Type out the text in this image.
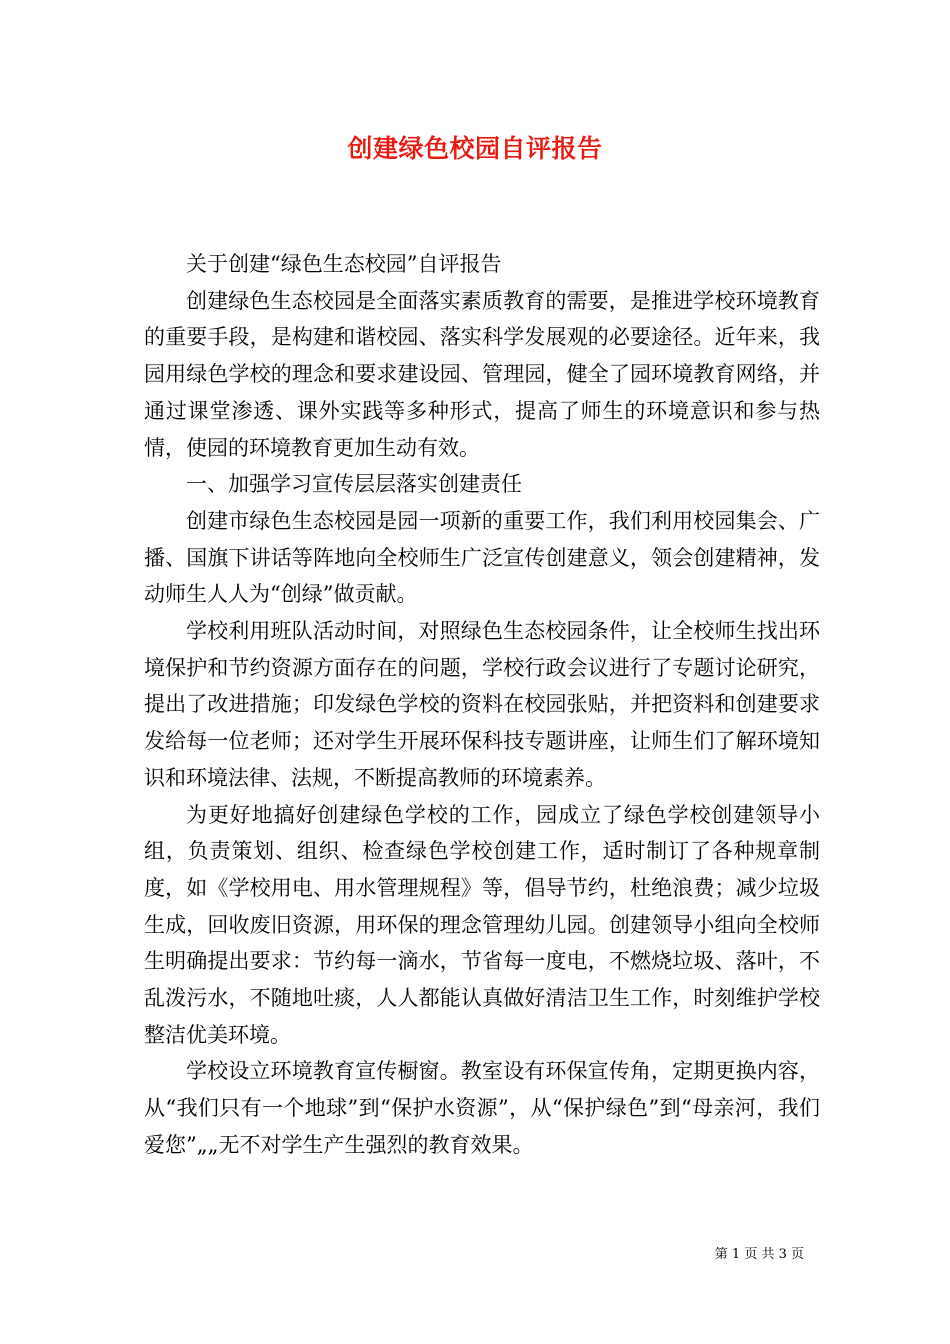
创建绿色校园自评报告

关于创建“绿色生态校园”自评报告

创建绿色生态校园是全面落实素质教育的需要，是推进学校环境教育的重要手段，是构建和谐校园、落实科学发展观的必要途径。近年来，我园用绿色学校的理念和要求建设园、管理园，健全了园环境教育网络，并通过课堂渗透、课外实践等多种形式，提高了师生的环境意识和参与热情，使园的环境教育更加生动有效。

一、加强学习宣传层层落实创建责任

创建市绿色生态校园是园一项新的重要工作，我们利用校园集会、广播、国旗下讲话等阵地向全校师生广泛宣传创建意义，领会创建精神，发动师生人人为“创绿”做贡献。

学校利用班队活动时间，对照绿色生态校园条件，让全校师生找出环境保护和节约资源方面存在的问题，学校行政会议进行了专题讨论研究，提出了改进措施；印发绿色学校的资料在校园张贴，并把资料和创建要求发给每一位老师；还对学生开展环保科技专题讲座，让师生们了解环境知识和环境法律、法规，不断提高教师的环境素养。

为更好地搞好创建绿色学校的工作，园成立了绿色学校创建领导小组，负责策划、组织、检查绿色学校创建工作，适时制订了各种规章制度，如《学校用电、用水管理规程》等，倡导节约，杜绝浪费；减少垃圾生成，回收废旧资源，用环保的理念管理幼儿园。创建领导小组向全校师生明确提出要求：节约每一滴水，节省每一度电，不燃烧垃圾、落叶，不乱泼污水，不随地吐痰，人人都能认真做好清洁卫生工作，时刻维护学校整洁优美环境。

学校设立环境教育宣传橱窗。教室设有环保宣传角，定期更换内容，从“我们只有一个地球”到“保护水资源”，从“保护绿色”到“母亲河，我们爱您”„„无不对学生产生强烈的教育效果。

第 1 页 共 3 页
